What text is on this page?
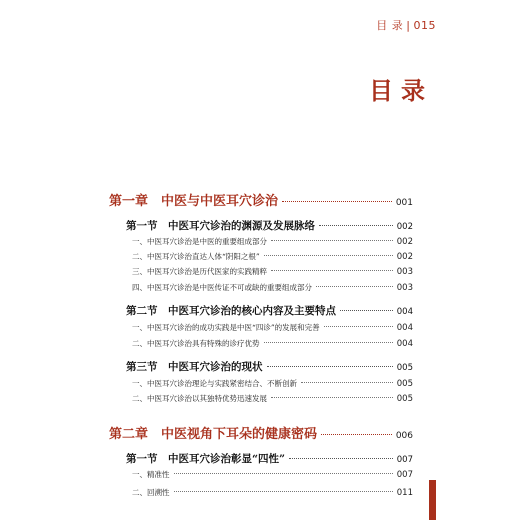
目 录 | 015
目录
第一章　中医与中医耳穴诊治	001
第一节　中医耳穴诊治的渊源及发展脉络	002
一、中医耳穴诊治是中医的重要组成部分	002
二、中医耳穴诊治直达人体“阴阳之根”	002
三、中医耳穴诊治是历代医家的实践精粹	003
四、中医耳穴诊治是中医传证不可或缺的重要组成部分	003
第二节　中医耳穴诊治的核心内容及主要特点	004
一、中医耳穴诊治的成功实践是中医“四诊”的发展和完善	004
二、中医耳穴诊治具有特殊的诊疗优势	004
第三节　中医耳穴诊治的现状	005
一、中医耳穴诊治理论与实践紧密结合、不断创新	005
二、中医耳穴诊治以其独特优势迅速发展	005
第二章　中医视角下耳朵的健康密码	006
第一节　中医耳穴诊治彰显“四性”	007
一、精准性	007
二、回溯性	011
